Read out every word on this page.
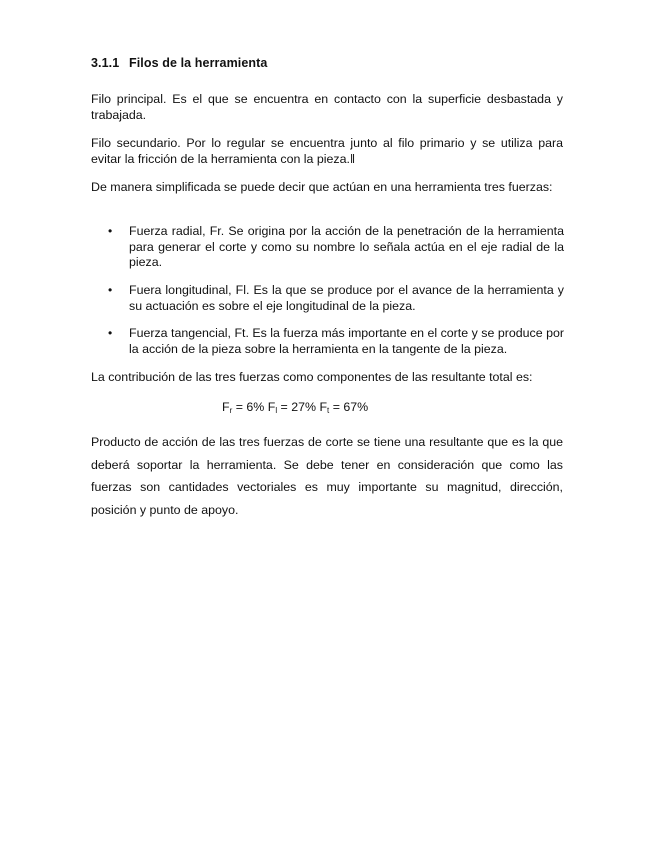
3.1.1 Filos de la herramienta
Filo principal. Es el que se encuentra en contacto con la superficie desbastada y trabajada.
Filo secundario. Por lo regular se encuentra junto al filo primario y se utiliza para evitar la fricción de la herramienta con la pieza.‖
De manera simplificada se puede decir que actúan en una herramienta tres fuerzas:
• Fuerza radial, Fr. Se origina por la acción de la penetración de la herramienta para generar el corte y como su nombre lo señala actúa en el eje radial de la pieza.
• Fuera longitudinal, Fl. Es la que se produce por el avance de la herramienta y su actuación es sobre el eje longitudinal de la pieza.
• Fuerza tangencial, Ft. Es la fuerza más importante en el corte y se produce por la acción de la pieza sobre la herramienta en la tangente de la pieza.
La contribución de las tres fuerzas como componentes de las resultante total es:
$F_r = 6\%$ $F_l = 27\%$ $F_t = 67\%$
Producto de acción de las tres fuerzas de corte se tiene una resultante que es la que deberá soportar la herramienta. Se debe tener en consideración que como las fuerzas son cantidades vectoriales es muy importante su magnitud, dirección, posición y punto de apoyo.
